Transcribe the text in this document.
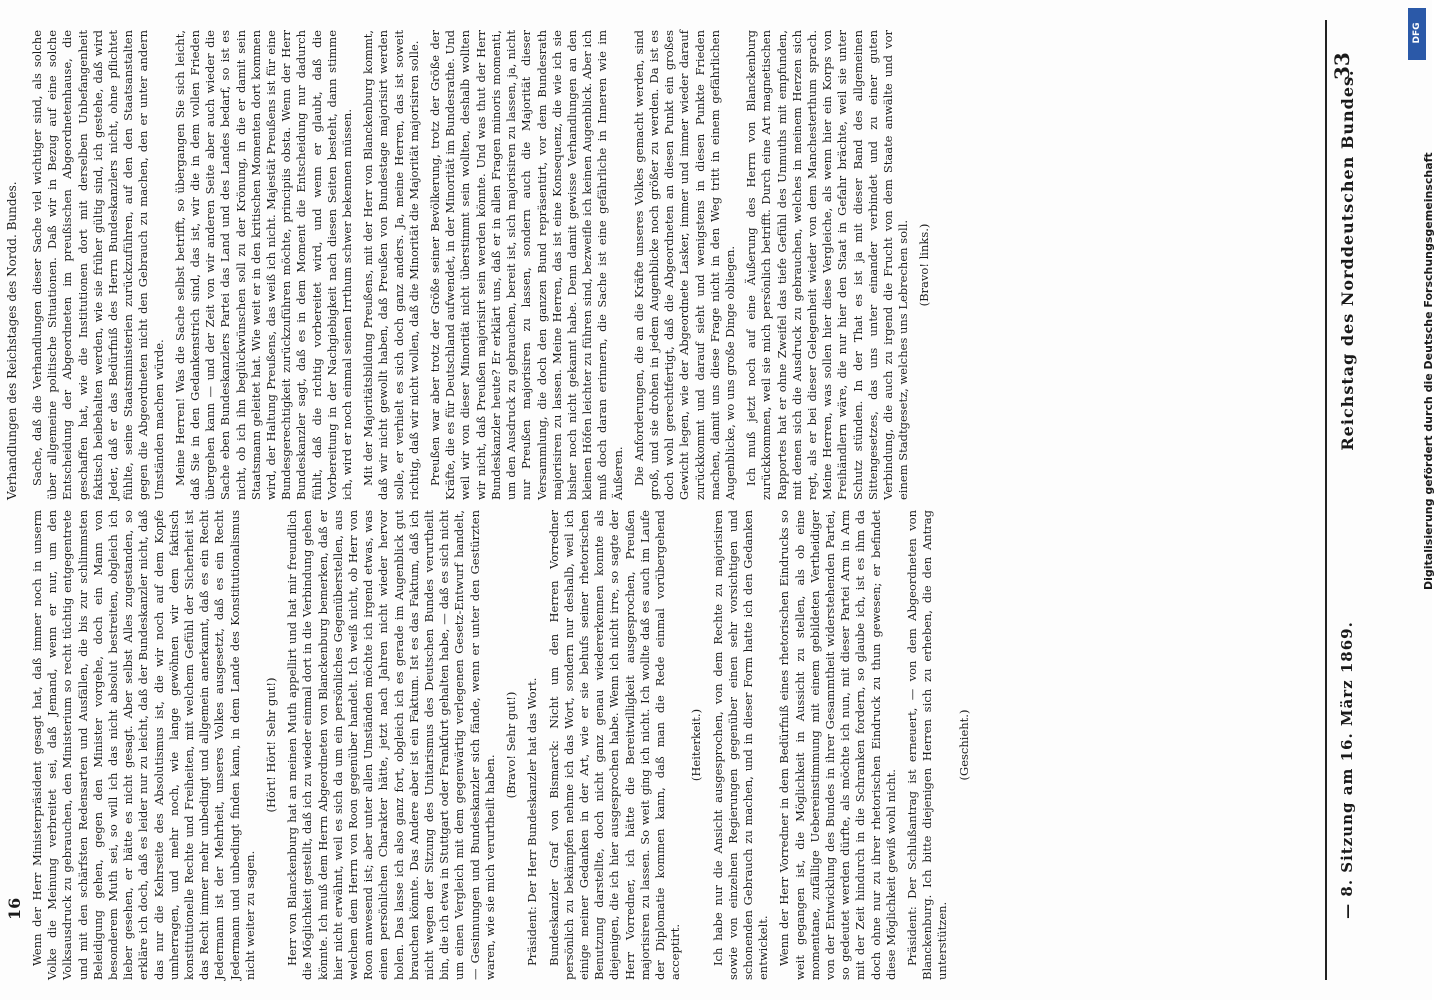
Sache, daß die Verhandlungen dieser Sache viel wichtiger sind, als solche über allgemeine politische Situationen. Daß wir in Bezug auf eine solche Entscheidung der Abgeordneten im preußischen Abgeordnetenhause, die geschaffen hat, wie die Institutionen dort mit derselben Unbefangenheit faktisch beibehalten werden, wie sie früher gültig sind, ich gestehe, daß wird Jeder, daß er das Bedürfniß des Herrn Bundeskanzlers nicht, ohne pflichtet fühlte, seine Staatsministerien zurückzuführen, auf den den Staatsanstalten gegen die Abgeordneten nicht den Gebrauch zu machen, den er unter andern Umständen machen würde. Meine Herren! Was die Sache selbst betrifft, so übergangen Sie sich leicht, daß Sie in den Gedankenstrich sind, das ist, wir die in dem vollen Frieden übergehen kann — und der Zeit von wir anderen Seite aber auch wieder die Sache eben Bundeskanzlers Partei das Land und des Landes bedarf, so ist es nicht, ob ich ihn beglückwünschen soll zu der Krönung, in die er damit sein Staatsmann geleitet hat. Wie weit er in den kritischen Momenten dort kommen wird, der Haltung Preußens, das weiß ich nicht. Majestät Preußens ist für eine Bundesgerechtigkeit zurückzuführen möchte, principiis obsta. Wenn der Herr Bundeskanzler sagt, daß es in dem Moment die Entscheidung nur dadurch fühlt, daß die richtig vorbereitet wird, und wenn er glaubt, daß die Vorbereitung in der Nachgiebigkeit nach diesen Seiten besteht, dann stimme ich, wird er noch einmal seinen Irrthum schwer bekennen müssen. Mit der Majoritätsbildung Preußens, mit der Herr von Blanckenburg kommt, daß wir nicht gewollt haben, daß Preußen von Bundestage majorisirt werden solle, er verhielt es sich doch ganz anders. Ja, meine Herren, das ist soweit richtig, daß wir nicht wollen, daß die Minorität die Majorität majorisiren solle. Preußen war aber trotz der Größe seiner Bevölkerung, trotz der Größe der Kräfte, die es für Deutschland aufwendet, in der Minorität im Bundesrathe. Und weil wir von dieser Minorität nicht überstimmt sein wollten, deshalb wollten wir nicht, daß Preußen majorisirt sein werden könnte. Und was thut der Herr Bundeskanzler heute? Er erklärt uns, daß er in allen Fragen minoris momenti, um den Ausdruck zu gebrauchen, bereit ist, sich majorisiren zu lassen, ja, nicht nur Preußen majorisiren zu lassen, sondern auch die Majorität dieser Versammlung, die doch den ganzen Bund repräsentirt, vor dem Bundesrath majorisiren zu lassen. Meine Herren, das ist eine Konsequenz, die wie ich sie bisher noch nicht gekannt habe. Denn damit gewisse Verhandlungen an den kleinen Höfen leichter zu führen sind, bezweifle ich keinen Augenblick. Aber ich muß doch daran erinnern, die Sache ist eine gefährliche in Inneren wie im Äußeren. Die Anforderungen, die an die Kräfte unseres Volkes gemacht werden, sind groß, und sie drohen in jedem Augenblicke noch größer zu werden. Da ist es doch wohl gerechtfertigt, daß die Abgeordneten an diesen Punkt ein großes Gewicht legen, wie der Abgeordnete Lasker, immer und immer wieder darauf zurückkommt und darauf sieht und wenigstens in diesen Punkte Frieden machen, damit uns diese Frage nicht in den Weg tritt in einem gefährlichen Augenblicke, wo uns große Dinge obliegen. Ich muß jetzt noch auf eine Äußerung des Herrn von Blanckenburg zurückkommen, weil sie mich persönlich betrifft. Durch eine Art magnetischen Rapportes hat er ohne Zweifel das tiefe Gefühl des Unmuths mit empfunden, mit denen sich die Ausdruck zu gebrauchen, welches in meinem Herzen sich regt, als er bei dieser Gelegenheit wieder von dem Manchesterthum sprach. Meine Herren, was sollen hier diese Vergleiche, als wenn hier ein Korps von Freihändlern wäre, die nur hier den Staat in Gefahr brächte, weil sie unter Schutz stünden. In der That es ist ja mit dieser Band des allgemeinen Sittengesetzes, das uns unter einander verbindet und zu einer guten Verbindung, die auch zu irgend die Frucht von dem Staate anwälte und vor einem Stadtgesetz, welches uns Lebrechen soll. (Bravo! links.)

Wenn der Herr Ministerpräsident gesagt hat, daß immer noch in unserm Volke die Meinung verbreitet sei, daß Jemand, wenn er nur, um den Volksausdruck zu gebrauchen, den Ministerium so recht tüchtig entgegentrete und mit den schärfsten Redensarten und Ausfällen, die bis zur schlimmsten Beleidigung gehen, gegen den Minister vorgehe, doch ein Mann von besonderem Muth sei, so will ich das nicht absolut bestreiten, obgleich ich lieber gesehen, er hätte es nicht gesagt. Aber selbst Alles zugestanden, so erkläre ich doch, daß es leider nur zu leicht, daß der Bundeskanzler nicht, daß das nur die Kehrseite des Absolutismus ist, die wir noch auf dem Kopfe umherragen, und mehr noch, wie lange gewöhnen wir dem faktisch konstitutionelle Rechte und Freiheiten, mit welchem Gefühl der Sicherheit ist das Recht immer mehr unbedingt und allgemein anerkannt, daß es ein Recht Jedermann ist der Mehrheit, unseres Volkes ausgesetzt, daß es ein Recht Jedermann und unbedingt finden kann, in dem Lande des Konstitutionalismus nicht weiter zu sagen.

(Hört! Hört! Sehr gut!) Herr von Blanckenburg hat an meinen Muth appellirt und hat mir freundlich die Möglichkeit gestellt, daß ich zu wieder einmal dort in die Verbindung gehen könnte. Ich muß dem Herrn Abgeordneten von Blanckenburg bemerken, daß er hier nicht erwähnt, weil es sich da um ein persönliches Gegenüberstellen, aus welchem dem Herrn von Roon gegenüber handelt. Ich weiß nicht, ob Herr von Roon anwesend ist; aber unter allen Umständen möchte ich irgend etwas, was einen persönlichen Charakter hätte, jetzt nach Jahren nicht wieder hervor holen. Das lasse ich also ganz fort, obgleich ich es gerade im Augenblick gut brauchen könnte. Das Andere aber ist ein Faktum. Ist es das Faktum, daß ich nicht wegen der Sitzung des Unitarismus des Deutschen Bundes verurtheilt bin, die ich etwa in Stuttgart oder Frankfurt gehalten habe, — daß es sich nicht um einen Vergleich mit dem gegenwärtig verlegenen Gesetz-Entwurf handelt, — Gesinnungen und Bundeskanzler sich fände, wenn er unter den Gestürzten waren, wie sie mich verurtheilt haben.

(Bravo! Sehr gut!) Präsident: Der Herr Bundeskanzler hat das Wort. Bundeskanzler Graf von Bismarck: Nicht um den Herren Vorredner persönlich zu bekämpfen nehme ich das Wort, sondern nur deshalb, weil ich einige meiner Gedanken in der Art, wie er sie behufs seiner rhetorischen Benutzung darstellte, doch nicht ganz genau wiedererkennen konnte als diejenigen, die ich hier ausgesprochen habe. Wenn ich nicht irre, so sagte der Herr Vorredner, ich hätte die Bereitwilligkeit ausgesprochen, Preußen majorisiren zu lassen. So weit ging ich nicht. Ich wollte daß es auch im Laufe der Diplomatie kommen kann, daß man die Rede einmal vorübergehend acceptirt.

(Heiterkeit.) Ich habe nur die Ansicht ausgesprochen, von dem Rechte zu majorisiren sowie von einzelnen Regierungen gegenüber einen sehr vorsichtigen und schonenden Gebrauch zu machen, und in dieser Form hatte ich den Gedanken entwickelt. Wenn der Herr Vorredner in dem Bedürfniß eines rhetorischen Eindrucks so weit gegangen ist, die Möglichkeit in Aussicht zu stellen, als ob eine momentane, zufällige Uebereinstimmung mit einem gebildeten Vertheidiger von der Entwicklung des Bundes in ihrer Gesammtheit widerstehenden Partei, so gedeutet werden dürfte, als möchte ich nun, mit dieser Partei Arm in Arm mit der Zeit hindurch in die Schranken fordern, so glaube ich, ist es ihm da doch ohne nur zu ihrer rhetorischen Eindruck zu thun gewesen; er befindet diese Möglichkeit gewiß wohl nicht. Präsident: Der Schlußantrag ist erneuert, — von dem Abgeordneten von Blanckenburg. Ich bitte diejenigen Herren sich zu erheben, die den Antrag unterstützen.

(Geschieht.)

Reichstag des Norddeutschen Bundes.
— 8. Sitzung am 16. März 1869.
33
Verhandlungen des Reichstages des Nordd. Bundes.
16
Digitalisierung gefördert durch die Deutsche Forschungsgemeinschaft
DFG
